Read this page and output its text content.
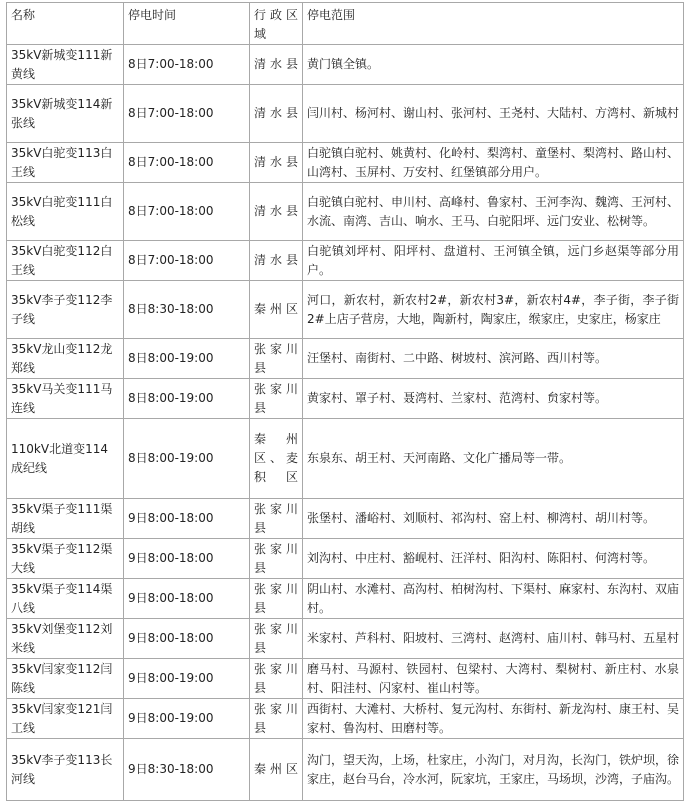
名称	停电时间	行政区域	停电范围
35kV新城变111新黄线	8日7:00-18:00	清水县	黄门镇全镇。

35kV新城变114新张线	8日7:00-18:00	清水县	闫川村、杨河村、谢山村、张河村、王尧村、大陆村、方湾村、新城村

35kV白驼变113白王线	8日7:00-18:00	清水县	白驼镇白驼村、姚黄村、化岭村、梨湾村、童堡村、梨湾村、路山村、山湾村、玉屏村、万安村、红堡镇部分用户。

35kV白驼变111白松线	8日7:00-18:00	清水县	白驼镇白驼村、申川村、高峰村、鲁家村、王河李沟、魏湾、王河村、水流、南湾、吉山、响水、王马、白驼阳坪、远门安业、松树等。

35kV白驼变112白王线	8日7:00-18:00	清水县	白驼镇刘坪村、阳坪村、盘道村、王河镇全镇，远门乡赵渠等部分用户。

35kV李子变112李子线	8日8:30-18:00	秦州区	河口，新农村，新农村2#，新农村3#，新农村4#，李子街，李子街2#上店子营房，大地，陶新村，陶家庄，缑家庄，史家庄，杨家庄

35kV龙山变112龙郑线	8日8:00-19:00	张家川县	汪堡村、南街村、二中路、树坡村、滨河路、西川村等。

35kV马关变111马连线	8日8:00-19:00	张家川县	黄家村、罩子村、聂湾村、兰家村、范湾村、贠家村等。

110kV北道变114成纪线	8日8:00-19:00	秦州区、麦积区	东泉东、胡王村、天河南路、文化广播局等一带。

35kV渠子变111渠胡线	9日8:00-18:00	张家川县	张堡村、潘峪村、刘顺村、祁沟村、窑上村、柳湾村、胡川村等。

35kV渠子变112渠大线	9日8:00-18:00	张家川县	刘沟村、中庄村、豁岘村、汪洋村、阳沟村、陈阳村、何湾村等。

35kV渠子变114渠八线	9日8:00-18:00	张家川县	阴山村、水滩村、高沟村、柏树沟村、下渠村、麻家村、东沟村、双庙村。

35kV刘堡变112刘米线	9日8:00-18:00	张家川县	米家村、芦科村、阳坡村、三湾村、赵湾村、庙川村、韩马村、五星村

35kV闫家变112闫陈线	9日8:00-19:00	张家川县	磨马村、马源村、铁园村、包梁村、大湾村、梨树村、新庄村、水泉村、阳洼村、闪家村、崔山村等。

35kV闫家变121闫工线	9日8:00-19:00	张家川县	西街村、大滩村、大桥村、复元沟村、东街村、新龙沟村、康王村、吴家村、鲁沟村、田磨村等。

35kV李子变113长河线	9日8:30-18:00	秦州区	沟门，望天沟，上场，杜家庄，小沟门，对月沟，长沟门，铁炉坝，徐家庄，赵台马台，冷水河，阮家坑，王家庄，马场坝，沙湾，子庙沟。
